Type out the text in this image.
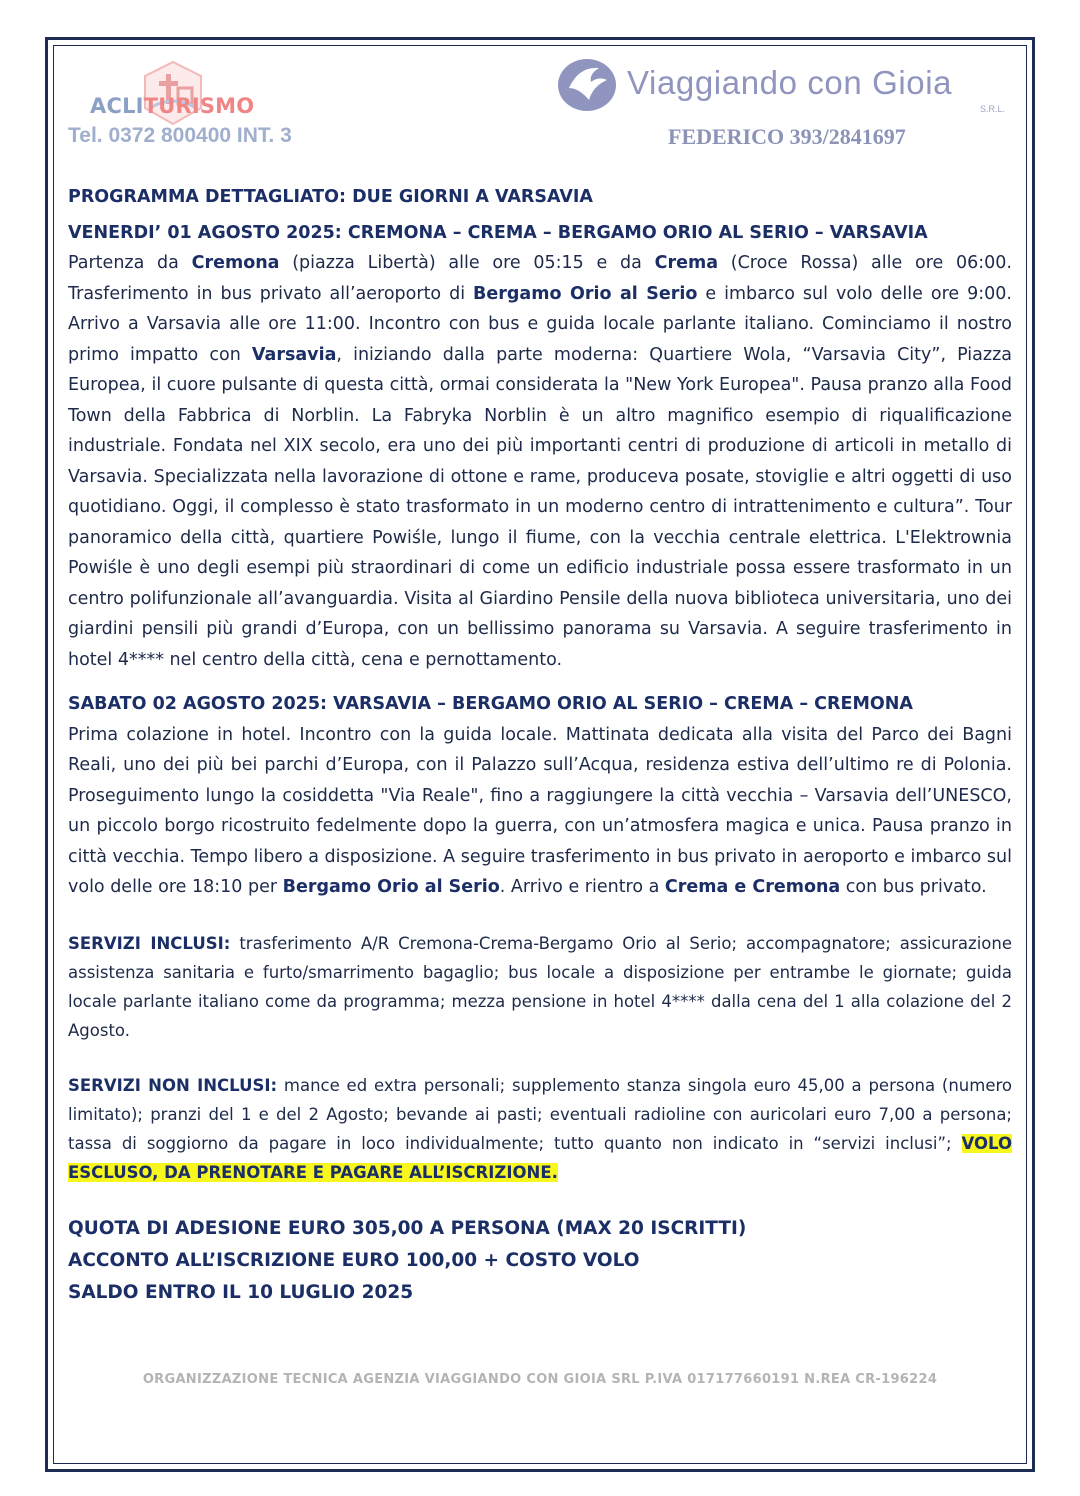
ACLITURISMO
Tel. 0372 800400 INT. 3
Viaggiando con Gioia
S.R.L.
FEDERICO 393/2841697
PROGRAMMA DETTAGLIATO: DUE GIORNI A VARSAVIA
VENERDI’ 01 AGOSTO 2025: CREMONA – CREMA – BERGAMO ORIO AL SERIO – VARSAVIA

Partenza da Cremona (piazza Libertà) alle ore 05:15 e da Crema (Croce Rossa) alle ore 06:00. Trasferimento in bus privato all’aeroporto di Bergamo Orio al Serio e imbarco sul volo delle ore 9:00. Arrivo a Varsavia alle ore 11:00. Incontro con bus e guida locale parlante italiano. Cominciamo il nostro primo impatto con Varsavia, iniziando dalla parte moderna: Quartiere Wola, “Varsavia City”, Piazza Europea, il cuore pulsante di questa città, ormai considerata la "New York Europea". Pausa pranzo alla Food Town della Fabbrica di Norblin. La Fabryka Norblin è un altro magnifico esempio di riqualificazione industriale. Fondata nel XIX secolo, era uno dei più importanti centri di produzione di articoli in metallo di Varsavia. Specializzata nella lavorazione di ottone e rame, produceva posate, stoviglie e altri oggetti di uso quotidiano. Oggi, il complesso è stato trasformato in un moderno centro di intrattenimento e cultura”. Tour panoramico della città, quartiere Powiśle, lungo il fiume, con la vecchia centrale elettrica. L'Elektrownia Powiśle è uno degli esempi più straordinari di come un edificio industriale possa essere trasformato in un centro polifunzionale all’avanguardia. Visita al Giardino Pensile della nuova biblioteca universitaria, uno dei giardini pensili più grandi d’Europa, con un bellissimo panorama su Varsavia. A seguire trasferimento in hotel 4**** nel centro della città, cena e pernottamento.

SABATO 02 AGOSTO 2025: VARSAVIA – BERGAMO ORIO AL SERIO – CREMA – CREMONA

Prima colazione in hotel. Incontro con la guida locale. Mattinata dedicata alla visita del Parco dei Bagni Reali, uno dei più bei parchi d’Europa, con il Palazzo sull’Acqua, residenza estiva dell’ultimo re di Polonia. Proseguimento lungo la cosiddetta "Via Reale", fino a raggiungere la città vecchia – Varsavia dell’UNESCO, un piccolo borgo ricostruito fedelmente dopo la guerra, con un’atmosfera magica e unica. Pausa pranzo in città vecchia. Tempo libero a disposizione. A seguire trasferimento in bus privato in aeroporto e imbarco sul volo delle ore 18:10 per Bergamo Orio al Serio. Arrivo e rientro a Crema e Cremona con bus privato.

SERVIZI INCLUSI: trasferimento A/R Cremona-Crema-Bergamo Orio al Serio; accompagnatore; assicurazione assistenza sanitaria e furto/smarrimento bagaglio; bus locale a disposizione per entrambe le giornate; guida locale parlante italiano come da programma; mezza pensione in hotel 4**** dalla cena del 1 alla colazione del 2 Agosto.

SERVIZI NON INCLUSI: mance ed extra personali; supplemento stanza singola euro 45,00 a persona (numero limitato); pranzi del 1 e del 2 Agosto; bevande ai pasti; eventuali radioline con auricolari euro 7,00 a persona; tassa di soggiorno da pagare in loco individualmente; tutto quanto non indicato in “servizi inclusi”; VOLO ESCLUSO, DA PRENOTARE E PAGARE ALL’ISCRIZIONE.

QUOTA DI ADESIONE EURO 305,00 A PERSONA (MAX 20 ISCRITTI)
ACCONTO ALL’ISCRIZIONE EURO 100,00 + COSTO VOLO
SALDO ENTRO IL 10 LUGLIO 2025
ORGANIZZAZIONE TECNICA AGENZIA VIAGGIANDO CON GIOIA SRL P.IVA 017177660191 N.REA CR-196224
